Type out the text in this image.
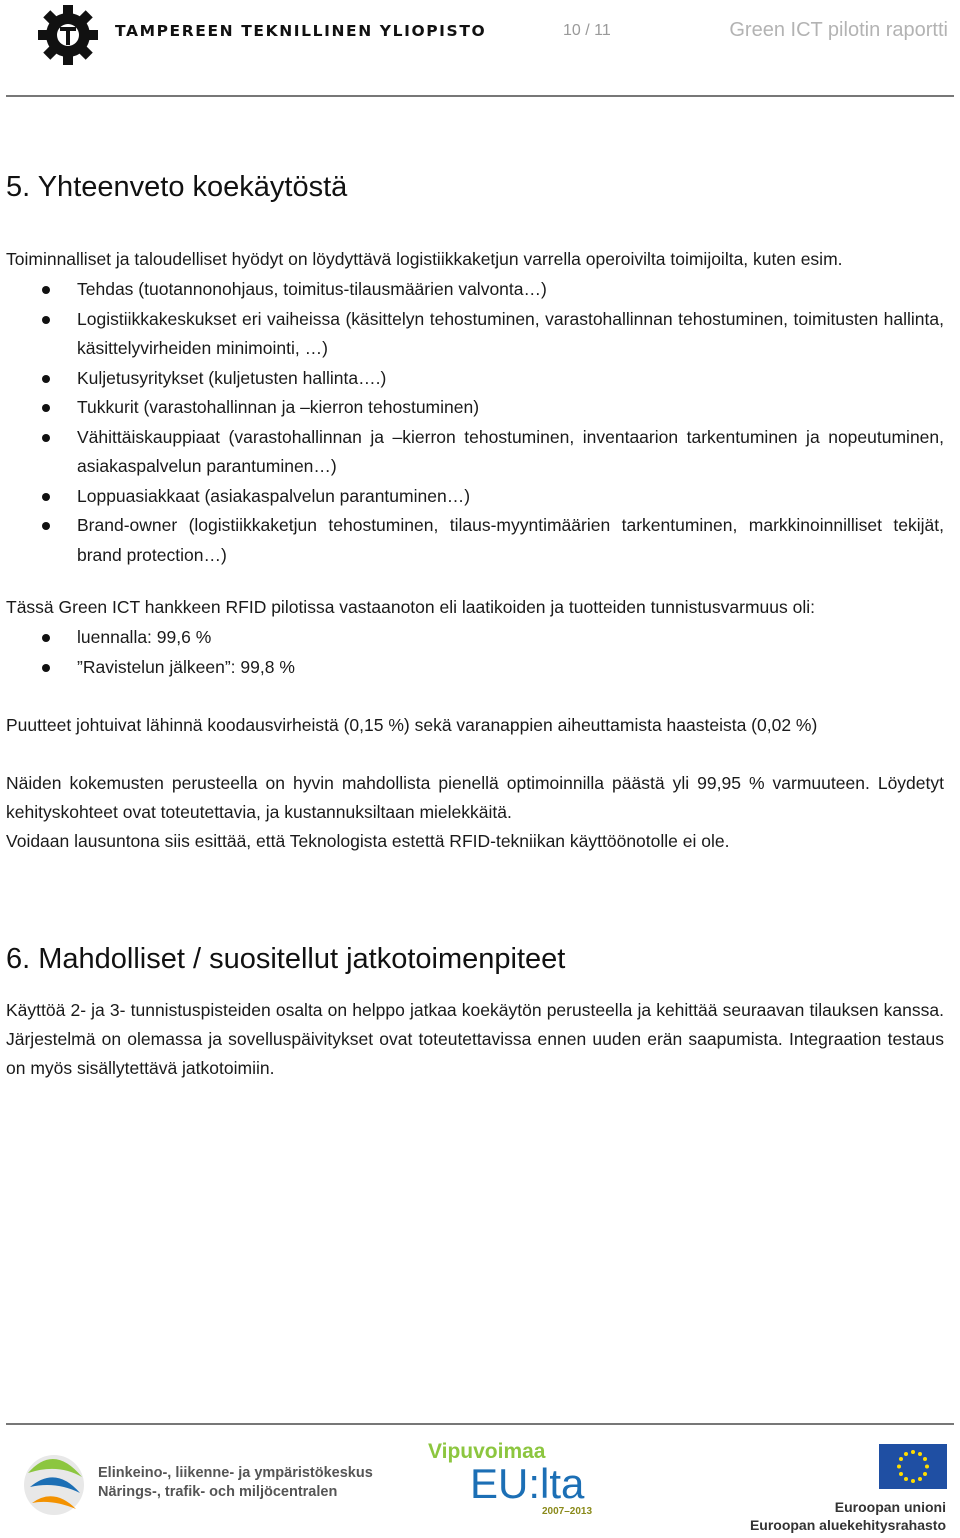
TAMPEREEN TEKNILLINEN YLIOPISTO	10 / 11	Green ICT pilotin raportti
5. Yhteenveto koekäytöstä

Toiminnalliset ja taloudelliset hyödyt on löydyttävä logistiikkaketjun varrella operoivilta toimijoilta, kuten esim.

Tehdas (tuotannonohjaus, toimitus-tilausmäärien valvonta…)
Logistiikkakeskukset eri vaiheissa (käsittelyn tehostuminen, varastohallinnan tehostuminen, toimitusten hallinta, käsittelyvirheiden minimointi, …)
Kuljetusyritykset (kuljetusten hallinta….)
Tukkurit (varastohallinnan ja –kierron tehostuminen)
Vähittäiskauppiaat (varastohallinnan ja –kierron tehostuminen, inventaarion tarkentuminen ja nopeutuminen, asiakaspalvelun parantuminen…)
Loppuasiakkaat (asiakaspalvelun parantuminen…)
Brand-owner (logistiikkaketjun tehostuminen, tilaus-myyntimäärien tarkentuminen, markkinoinnilliset tekijät, brand protection…)

Tässä Green ICT hankkeen RFID pilotissa vastaanoton eli laatikoiden ja tuotteiden tunnistusvarmuus oli:

luennalla: 99,6 %
”Ravistelun jälkeen”: 99,8 %

Puutteet johtuivat lähinnä koodausvirheistä (0,15 %) sekä varanappien aiheuttamista haasteista (0,02 %)

Näiden kokemusten perusteella on hyvin mahdollista pienellä optimoinnilla päästä yli 99,95 % varmuuteen. Löydetyt kehityskohteet ovat toteutettavia, ja kustannuksiltaan mielekkäitä.

Voidaan lausuntona siis esittää, että Teknologista estettä RFID-tekniikan käyttöönotolle ei ole.

6. Mahdolliset / suositellut jatkotoimenpiteet

Käyttöä 2- ja 3- tunnistuspisteiden osalta on helppo jatkaa koekäytön perusteella ja kehittää seuraavan tilauksen kanssa. Järjestelmä on olemassa ja sovelluspäivitykset ovat toteutettavissa ennen uuden erän saapumista. Integraation testaus on myös sisällytettävä jatkotoimiin.

Elinkeino-, liikenne- ja ympäristökeskus
Närings-, trafik- och miljöcentralen
Vipuvoimaa
EU:lta
2007–2013	Euroopan unioni
Euroopan aluekehitysrahasto
